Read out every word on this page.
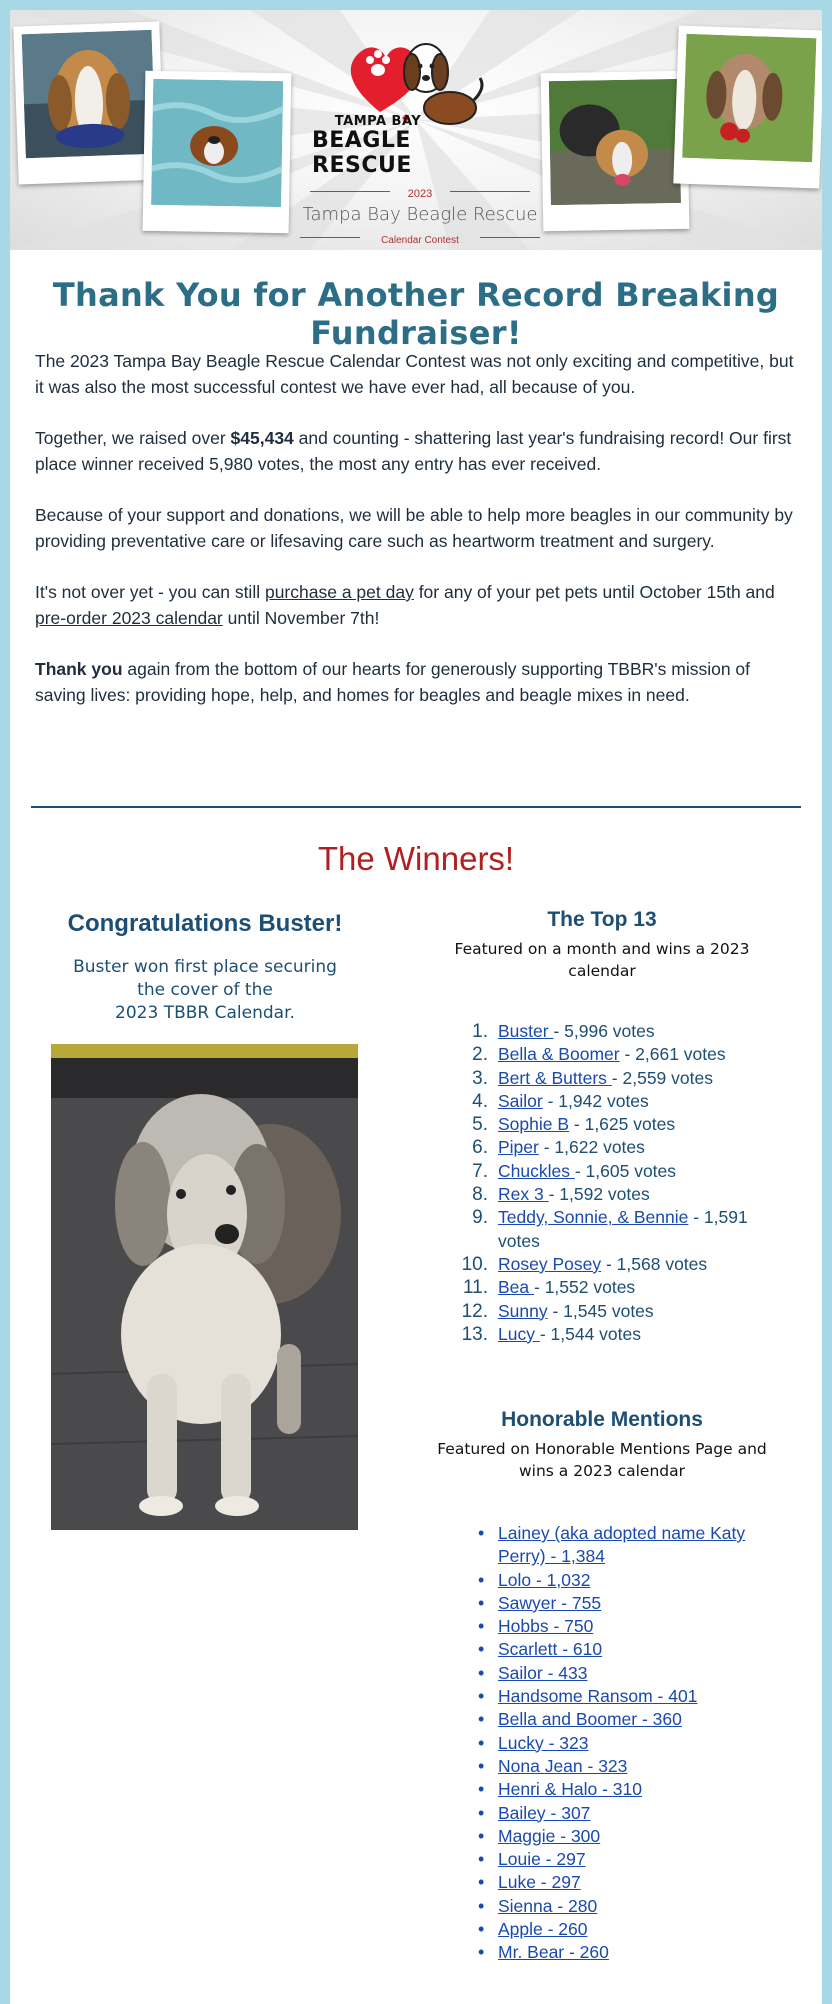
TAMPA BAY
BEAGLE RESCUE
2023
Tampa Bay Beagle Rescue
Calendar Contest
Thank You for Another Record Breaking Fundraiser!

The 2023 Tampa Bay Beagle Rescue Calendar Contest was not only exciting and competitive, but it was also the most successful contest we have ever had, all because of you.

Together, we raised over $45,434 and counting - shattering last year's fundraising record! Our first place winner received 5,980 votes, the most any entry has ever received.

Because of your support and donations, we will be able to help more beagles in our community by providing preventative care or lifesaving care such as heartworm treatment and surgery.

It's not over yet - you can still purchase a pet day for any of your pet pets until October 15th and pre-order 2023 calendar until November 7th!

Thank you again from the bottom of our hearts for generously supporting TBBR's mission of saving lives: providing hope, help, and homes for beagles and beagle mixes in need.

The Winners!
Congratulations Buster!

Buster won first place securing
the cover of the
2023 TBBR Calendar.

The Top 13

Featured on a month and wins a 2023 calendar

1. Buster - 5,996 votes
2. Bella & Boomer - 2,661 votes
3. Bert & Butters - 2,559 votes
4. Sailor - 1,942 votes
5. Sophie B - 1,625 votes
6. Piper - 1,622 votes
7. Chuckles - 1,605 votes
8. Rex 3 - 1,592 votes
9. Teddy, Sonnie, & Bennie - 1,591 votes
10. Rosey Posey - 1,568 votes
11. Bea - 1,552 votes
12. Sunny - 1,545 votes
13. Lucy - 1,544 votes
Honorable Mentions

Featured on Honorable Mentions Page and wins a 2023 calendar

• Lainey (aka adopted name Katy Perry) - 1,384
• Lolo - 1,032
• Sawyer - 755
• Hobbs - 750
• Scarlett - 610
• Sailor - 433
• Handsome Ransom - 401
• Bella and Boomer - 360
• Lucky - 323
• Nona Jean - 323
• Henri & Halo - 310
• Bailey - 307
• Maggie - 300
• Louie - 297
• Luke - 297
• Sienna - 280
• Apple - 260
• Mr. Bear - 260
